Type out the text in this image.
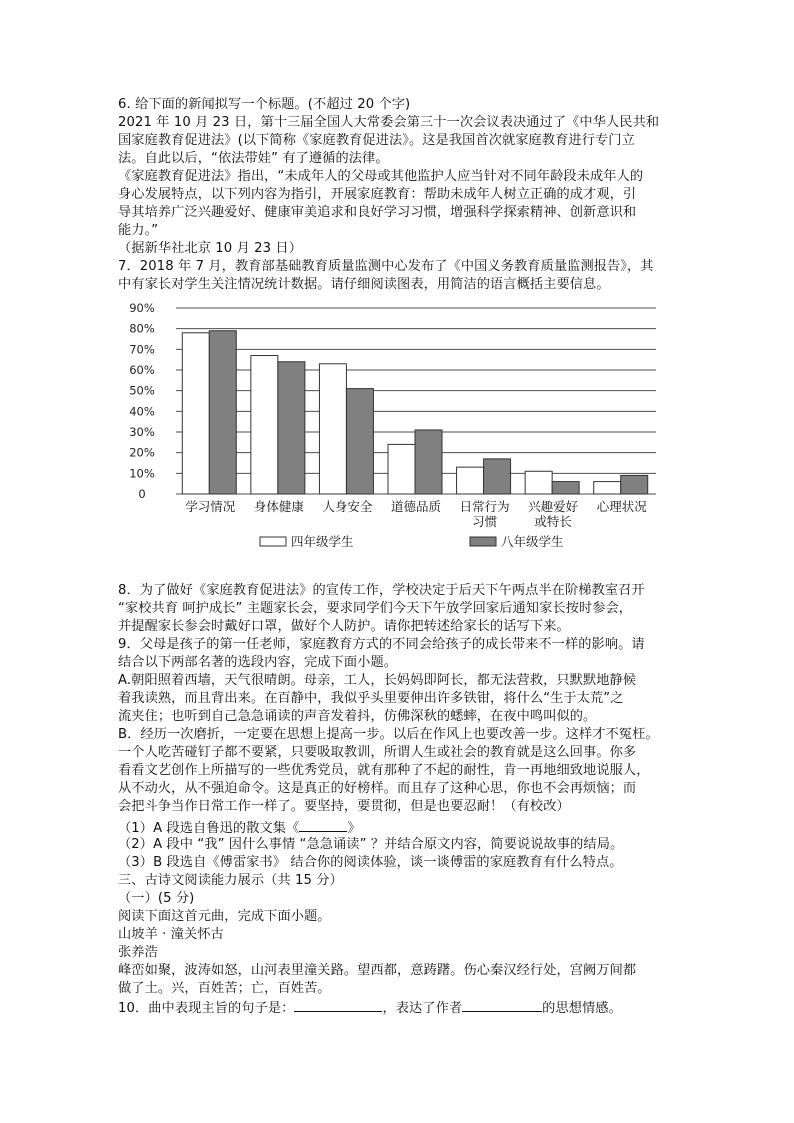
6. 给下面的新闻拟写一个标题。(不超过 20 个字)
2021 年 10 月 23 日，第十三届全国人大常委会第三十一次会议表决通过了《中华人民共和
国家庭教育促进法》(以下简称《家庭教育促进法》。这是我国首次就家庭教育进行专门立
法。自此以后，“依法带娃” 有了遵循的法律。
《家庭教育促进法》指出，“未成年人的父母或其他监护人应当针对不同年龄段未成年人的
身心发展特点，以下列内容为指引，开展家庭教育：帮助未成年人树立正确的成才观，引
导其培养广泛兴趣爱好、健康审美追求和良好学习习惯，增强科学探索精神、创新意识和
能力。”
（据新华社北京 10 月 23 日）
7．2018 年 7 月，教育部基础教育质量监测中心发布了《中国义务教育质量监测报告》，其
中有家长对学生关注情况统计数据。请仔细阅读图表，用简洁的语言概括主要信息。
0
10%
20%
30%
40%
50%
60%
70%
80%
90%
学习情况 身体健康 人身安全 道德品质 日常行为
习惯
兴趣爱好
或特长
心理状况
四年级学生	八年级学生
8．为了做好《家庭教育促进法》的宣传工作，学校决定于后天下午两点半在阶梯教室召开
“家校共育 呵护成长” 主题家长会，要求同学们今天下午放学回家后通知家长按时参会，
并提醒家长参会时戴好口罩，做好个人防护。请你把转述给家长的话写下来。
9．父母是孩子的第一任老师，家庭教育方式的不同会给孩子的成长带来不一样的影响。请
结合以下两部名著的选段内容，完成下面小题。
A.朝阳照着西墙，天气很晴朗。母亲，工人，长妈妈即阿长，都无法营救，只默默地静候
着我读熟，而且背出来。在百静中，我似乎头里要伸出许多铁钳，将什么“生于太荒”之
流夹住；也听到自己急急诵读的声音发着抖，仿佛深秋的蟋蟀，在夜中鸣叫似的。
B．经历一次磨折，一定要在思想上提高一步。以后在作风上也要改善一步。这样才不冤枉。
一个人吃苦碰钉子都不要紧，只要吸取教训，所谓人生或社会的教育就是这么回事。你多
看看文艺创作上所描写的一些优秀党员，就有那种了不起的耐性，肯一再地细致地说服人，
从不动火，从不强迫命令。这是真正的好榜样。而且存了这种心思，你也不会再烦恼；而
会把斗争当作日常工作一样了。要坚持，要贯彻，但是也要忍耐！（有校改）
（1）A 段选自鲁迅的散文集《	》
（2）A 段中 “我” 因什么事情 “急急诵读” ？并结合原文内容，简要说说故事的结局。
（3）B 段选自《傅雷家书》 结合你的阅读体验，谈一谈傅雷的家庭教育有什么特点。
三、古诗文阅读能力展示（共 15 分）
（一）(5 分)
阅读下面这首元曲，完成下面小题。
山坡羊 · 潼关怀古
张养浩
峰峦如聚，波涛如怒，山河表里潼关路。望西都，意踌躇。伤心秦汉经行处，宫阙万间都
做了土。兴，百姓苦；亡，百姓苦。
10．曲中表现主旨的句子是：	，表达了作者	的思想情感。
